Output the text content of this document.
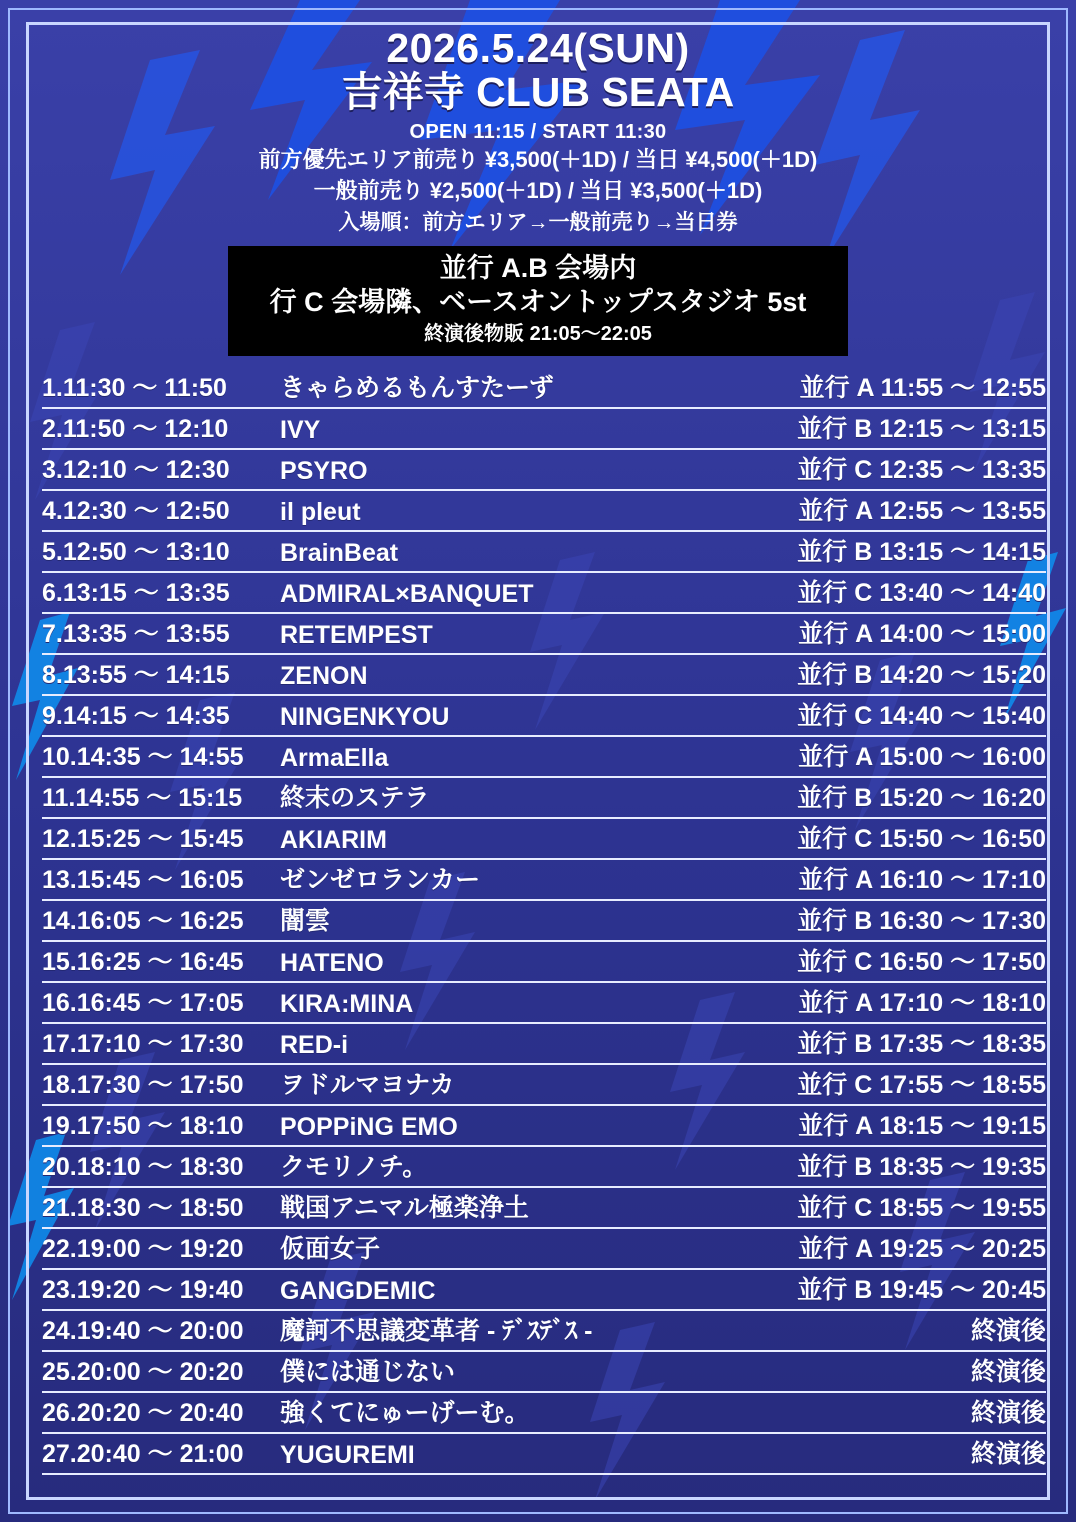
2026.5.24(SUN)
吉祥寺 CLUB SEATA
OPEN 11:15 / START 11:30
前方優先エリア前売り ¥3,500(＋1D) / 当日 ¥4,500(＋1D)
一般前売り ¥2,500(＋1D) / 当日 ¥3,500(＋1D)
入場順：前方エリア→一般前売り→当日券
並行 A.B 会場内
行 C 会場隣、ベースオントップスタジオ 5st
終演後物販 21:05〜22:05
1.11:30 〜 11:50	きゃらめるもんすたーず	並行 A 11:55 〜 12:55
2.11:50 〜 12:10	IVY	並行 B 12:15 〜 13:15
3.12:10 〜 12:30	PSYRO	並行 C 12:35 〜 13:35
4.12:30 〜 12:50	il pleut	並行 A 12:55 〜 13:55
5.12:50 〜 13:10	BrainBeat	並行 B 13:15 〜 14:15
6.13:15 〜 13:35	ADMIRAL×BANQUET	並行 C 13:40 〜 14:40
7.13:35 〜 13:55	RETEMPEST	並行 A 14:00 〜 15:00
8.13:55 〜 14:15	ZENON	並行 B 14:20 〜 15:20
9.14:15 〜 14:35	NINGENKYOU	並行 C 14:40 〜 15:40
10.14:35 〜 14:55	ArmaElla	並行 A 15:00 〜 16:00
11.14:55 〜 15:15	終末のステラ	並行 B 15:20 〜 16:20
12.15:25 〜 15:45	AKIARIM	並行 C 15:50 〜 16:50
13.15:45 〜 16:05	ゼンゼロランカー	並行 A 16:10 〜 17:10
14.16:05 〜 16:25	闇雲	並行 B 16:30 〜 17:30
15.16:25 〜 16:45	HATENO	並行 C 16:50 〜 17:50
16.16:45 〜 17:05	KIRA:MINA	並行 A 17:10 〜 18:10
17.17:10 〜 17:30	RED-i	並行 B 17:35 〜 18:35
18.17:30 〜 17:50	ヲドルマヨナカ	並行 C 17:55 〜 18:55
19.17:50 〜 18:10	POPPiNG EMO	並行 A 18:15 〜 19:15
20.18:10 〜 18:30	クモリノチ。	並行 B 18:35 〜 19:35
21.18:30 〜 18:50	戦国アニマル極楽浄土	並行 C 18:55 〜 19:55
22.19:00 〜 19:20	仮面女子	並行 A 19:25 〜 20:25
23.19:20 〜 19:40	GANGDEMIC	並行 B 19:45 〜 20:45
24.19:40 〜 20:00	魔訶不思議変革者 - ﾃﾞｽﾃﾞｽ -	終演後
25.20:00 〜 20:20	僕には通じない	終演後
26.20:20 〜 20:40	強くてにゅーげーむ。	終演後
27.20:40 〜 21:00	YUGUREMI	終演後
